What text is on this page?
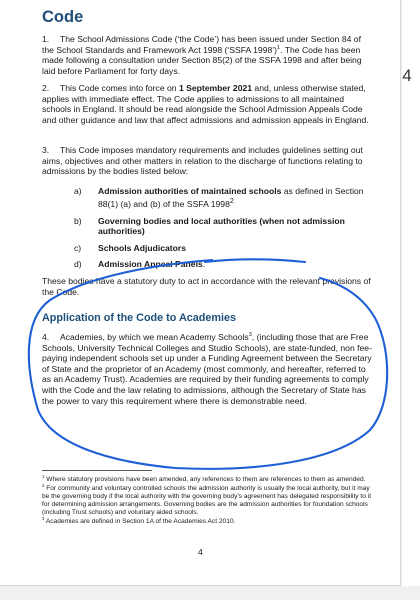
Code

1. The School Admissions Code (‘the Code’) has been issued under Section 84 of the School Standards and Framework Act 1998 (‘SSFA 1998’)$^1$. The Code has been made following a consultation under Section 85(2) of the SSFA 1998 and after being laid before Parliament for forty days.

2. This Code comes into force on 1 September 2021 and, unless otherwise stated, applies with immediate effect. The Code applies to admissions to all maintained schools in England. It should be read alongside the School Admission Appeals Code and other guidance and law that affect admissions and admission appeals in England.

3. This Code imposes mandatory requirements and includes guidelines setting out aims, objectives and other matters in relation to the discharge of functions relating to admissions by the bodies listed below:

a) Admission authorities of maintained schools as defined in Section 88(1) (a) and (b) of the SSFA 1998$^2$
b) Governing bodies and local authorities (when not admission authorities)
c) Schools Adjudicators
d) Admission Appeal Panels.

These bodies have a statutory duty to act in accordance with the relevant provisions of the Code.

Application of the Code to Academies

4. Academies, by which we mean Academy Schools$^3$, (including those that are Free Schools, University Technical Colleges and Studio Schools), are state-funded, non fee-paying independent schools set up under a Funding Agreement between the Secretary of State and the proprietor of an Academy (most commonly, and hereafter, referred to as an Academy Trust). Academies are required by their funding agreements to comply with the Code and the law relating to admissions, although the Secretary of State has the power to vary this requirement where there is demonstrable need.

$^1$ Where statutory provisions have been amended, any references to them are references to them as amended.

$^2$ For community and voluntary controlled schools the admission authority is usually the local authority, but it may be the governing body if the local authority with the governing body’s agreement has delegated responsibility to it for determining admission arrangements. Governing bodies are the admission authorities for foundation schools (including Trust schools) and voluntary aided schools.

$^3$ Academies are defined in Section 1A of the Academies Act 2010.

4
4
